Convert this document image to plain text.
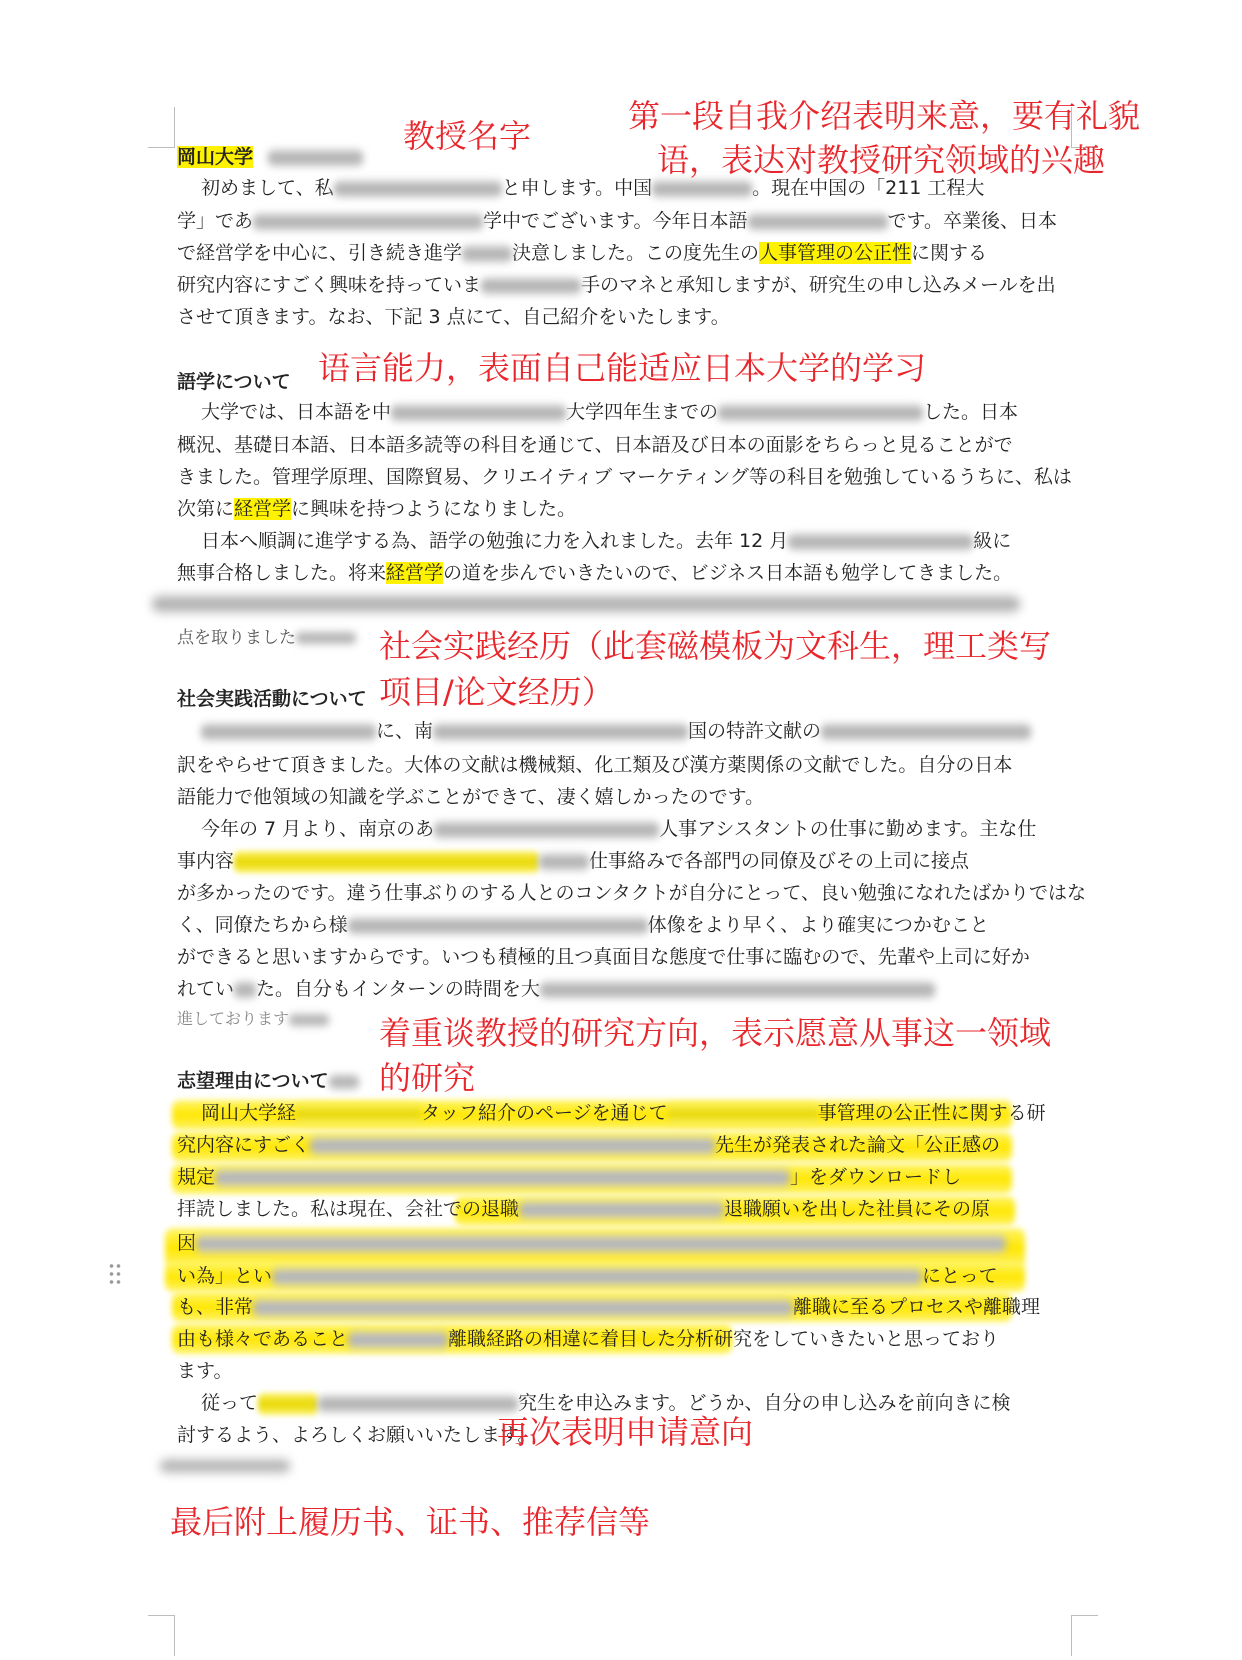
岡山大学
初めまして、私	と申します。中国	。現在中国の「211 工程大
学」であ	学中でございます。今年日本語	です。卒業後、日本
で経営学を中心に、引き続き進学	決意しました。この度先生の人事管理の公正性に関する
研究内容にすごく興味を持っていま	手のマネと承知しますが、研究生の申し込みメールを出
させて頂きます。なお、下記 3 点にて、自己紹介をいたします。
語学について
大学では、日本語を中	大学四年生までの	した。日本
概況、基礎日本語、日本語多読等の科目を通じて、日本語及び日本の面影をちらっと見ることがで
きました。管理学原理、国際貿易、クリエイティブ マーケティング等の科目を勉強しているうちに、私は
次第に経営学に興味を持つようになりました。
日本へ順調に進学する為、語学の勉強に力を入れました。去年 12 月	級に
無事合格しました。将来経営学の道を歩んでいきたいので、ビジネス日本語も勉学してきました。
点を取りました
社会実践活動について
に、南	国の特許文献の
訳をやらせて頂きました。大体の文献は機械類、化工類及び漢方薬関係の文献でした。自分の日本
語能力で他領域の知識を学ぶことができて、凄く嬉しかったのです。
今年の 7 月より、南京のあ	人事アシスタントの仕事に勤めます。主な仕
事内容	仕事絡みで各部門の同僚及びその上司に接点
が多かったのです。違う仕事ぶりのする人とのコンタクトが自分にとって、良い勉強になれたばかりではな
く、同僚たちから様	体像をより早く、より確実につかむこと
ができると思いますからです。いつも積極的且つ真面目な態度で仕事に臨むので、先輩や上司に好か
れてい た。自分もインターンの時間を大
進しております
志望理由について
岡山大学経	タッフ紹介のページを通じて	事管理の公正性に関する研
究内容にすごく	先生が発表された論文「公正感の
規定	」をダウンロードし
拝読しました。私は現在、会社での退職	退職願いを出した社員にその原
因
い為」とい	にとって
も、非常	離職に至るプロセスや離職理
由も様々であること	離職経路の相違に着目した分析研究をしていきたいと思っており
ます。
従って	究生を申込みます。どうか、自分の申し込みを前向きに検
討するよう、よろしくお願いいたします。
教授名字
第一段自我介绍表明来意，要有礼貌
语，表达对教授研究领域的兴趣
语言能力，表面自己能适应日本大学的学习
社会实践经历（此套磁模板为文科生，理工类写
项目/论文经历）
着重谈教授的研究方向，表示愿意从事这一领域
的研究
再次表明申请意向
最后附上履历书、证书、推荐信等
